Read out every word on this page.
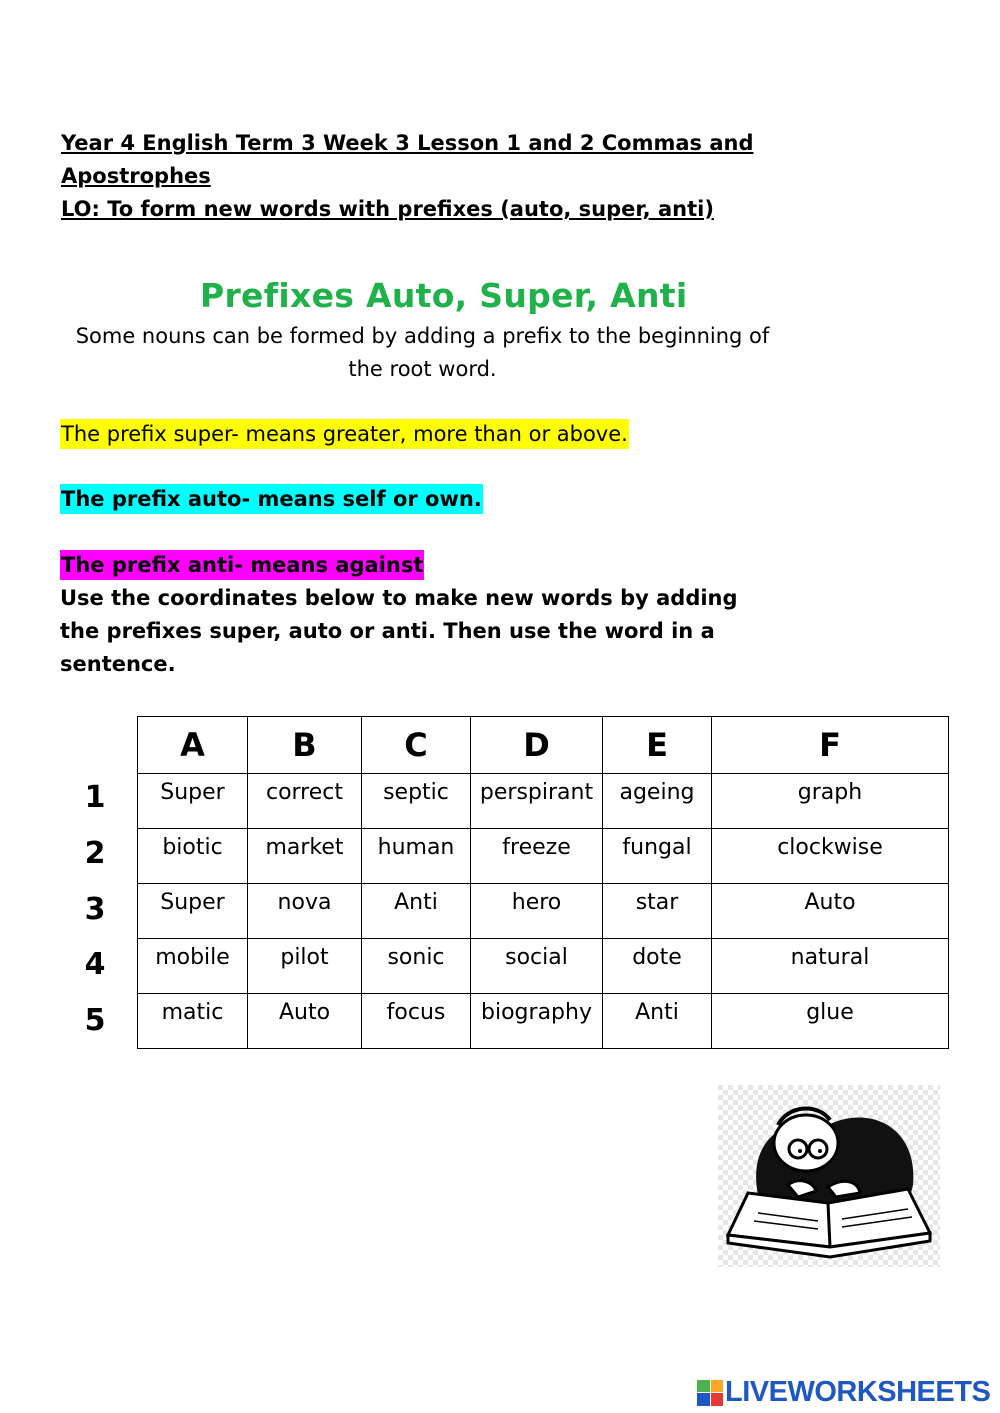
Year 4 English Term 3 Week 3 Lesson 1 and 2 Commas and
Apostrophes
LO: To form new words with prefixes (auto, super, anti)
Prefixes Auto, Super, Anti
Some nouns can be formed by adding a prefix to the beginning of the root word.
The prefix super- means greater, more than or above.
The prefix auto- means self or own.
The prefix anti- means against
Use the coordinates below to make new words by adding the prefixes super, auto or anti. Then use the word in a sentence.
1
2
3
4
5
A	B	C	D	E	F
Super	correct	septic	perspirant	ageing	graph
biotic	market	human	freeze	fungal	clockwise
Super	nova	Anti	hero	star	Auto
mobile	pilot	sonic	social	dote	natural
matic	Auto	focus	biography	Anti	glue
LIVEWORKSHEETS
